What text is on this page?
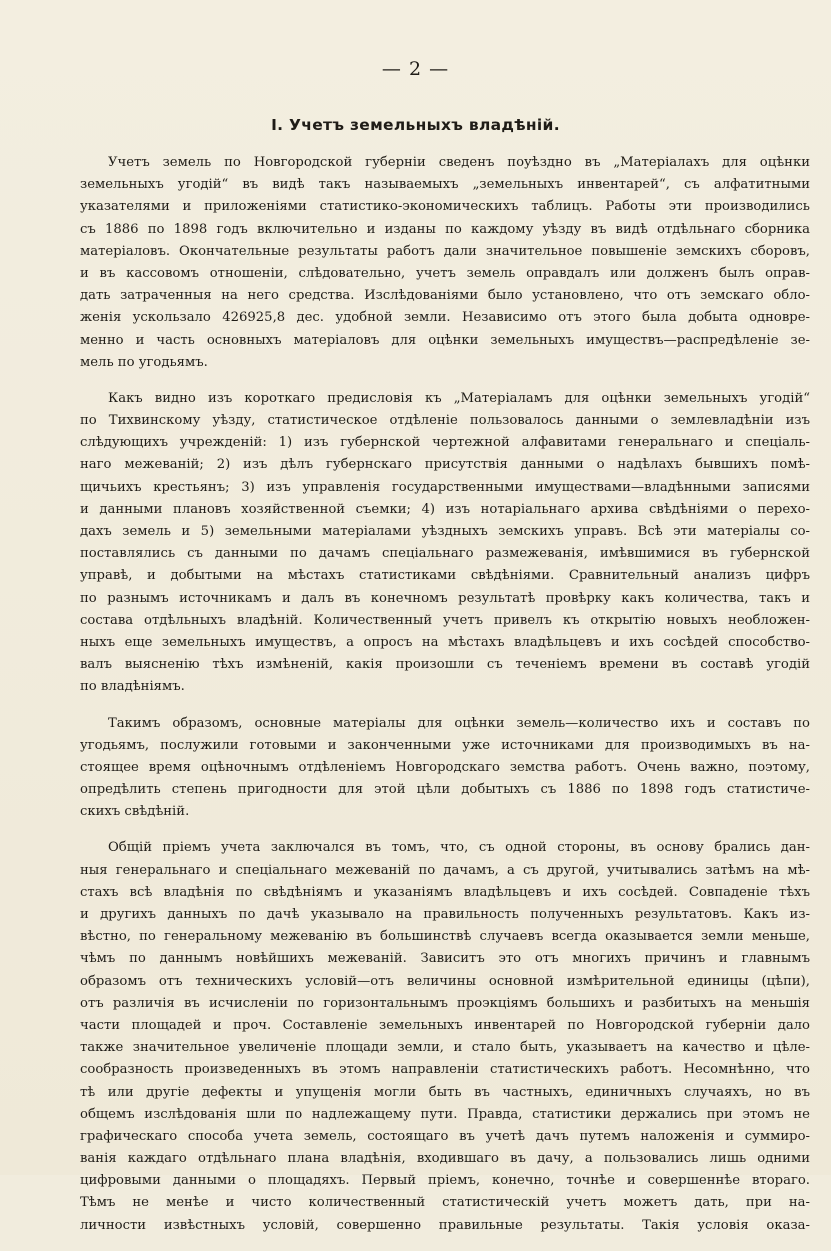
— 2 —
I. Учетъ земельныхъ владѣній.
Учетъ земель по Новгородской губерніи сведенъ поуѣздно въ „Матеріалахъ для оцѣнки
земельныхъ угодій“ въ видѣ такъ называемыхъ „земельныхъ инвентарей“, съ алфатитными
указателями и приложеніями статистико-экономическихъ таблицъ. Работы эти производились
съ 1886 по 1898 годъ включительно и изданы по каждому уѣзду въ видѣ отдѣльнаго сборника
матеріаловъ. Окончательные результаты работъ дали значительное повышеніе земскихъ сборовъ,
и въ кассовомъ отношеніи, слѣдовательно, учетъ земель оправдалъ или долженъ былъ оправ-
дать затраченныя на него средства. Изслѣдованіями было установлено, что отъ земскаго обло-
женія ускользало 426925,8 дес. удобной земли. Независимо отъ этого была добыта одновре-
менно и часть основныхъ матеріаловъ для оцѣнки земельныхъ имуществъ—распредѣленіе зе-
мель по угодьямъ.
Какъ видно изъ короткаго предисловія къ „Матеріаламъ для оцѣнки земельныхъ угодій“
по Тихвинскому уѣзду, статистическое отдѣленіе пользовалось данными о землевладѣніи изъ
слѣдующихъ учрежденій: 1) изъ губернской чертежной алфавитами генеральнаго и спеціаль-
наго межеваній; 2) изъ дѣлъ губернскаго присутствія данными о надѣлахъ бывшихъ помѣ-
щичьихъ крестьянъ; 3) изъ управленія государственными имуществами—владѣнными записями
и данными плановъ хозяйственной съемки; 4) изъ нотаріальнаго архива свѣдѣніями о перехо-
дахъ земель и 5) земельными матеріалами уѣздныхъ земскихъ управъ. Всѣ эти матеріалы со-
поставлялись съ данными по дачамъ спеціальнаго размежеванія, имѣвшимися въ губернской
управѣ, и добытыми на мѣстахъ статистиками свѣдѣніями. Сравнительный анализъ цифръ
по разнымъ источникамъ и далъ въ конечномъ результатѣ провѣрку какъ количества, такъ и
состава отдѣльныхъ владѣній. Количественный учетъ привелъ къ открытію новыхъ необложен-
ныхъ еще земельныхъ имуществъ, а опросъ на мѣстахъ владѣльцевъ и ихъ сосѣдей способство-
валъ выясненію тѣхъ измѣненій, какія произошли съ теченіемъ времени въ составѣ угодій
по владѣніямъ.
Такимъ образомъ, основные матеріалы для оцѣнки земель—количество ихъ и составъ по
угодьямъ, послужили готовыми и законченными уже источниками для производимыхъ въ на-
стоящее время оцѣночнымъ отдѣленіемъ Новгородскаго земства работъ. Очень важно, поэтому,
опредѣлить степень пригодности для этой цѣли добытыхъ съ 1886 по 1898 годъ статистиче-
скихъ свѣдѣній.
Общій пріемъ учета заключался въ томъ, что, съ одной стороны, въ основу брались дан-
ныя генеральнаго и спеціальнаго межеваній по дачамъ, а съ другой, учитывались затѣмъ на мѣ-
стахъ всѣ владѣнія по свѣдѣніямъ и указаніямъ владѣльцевъ и ихъ сосѣдей. Совпаденіе тѣхъ
и другихъ данныхъ по дачѣ указывало на правильность полученныхъ результатовъ. Какъ из-
вѣстно, по генеральному межеванію въ большинствѣ случаевъ всегда оказывается земли меньше,
чѣмъ по даннымъ новѣйшихъ межеваній. Зависитъ это отъ многихъ причинъ и главнымъ
образомъ отъ техническихъ условій—отъ величины основной измѣрительной единицы (цѣпи),
отъ различія въ исчисленіи по горизонтальнымъ проэкціямъ большихъ и разбитыхъ на меньшія
части площадей и проч. Составленіе земельныхъ инвентарей по Новгородской губерніи дало
также значительное увеличеніе площади земли, и стало быть, указываетъ на качество и цѣле-
сообразность произведенныхъ въ этомъ направленіи статистическихъ работъ. Несомнѣнно, что
тѣ или другіе дефекты и упущенія могли быть въ частныхъ, единичныхъ случаяхъ, но въ
общемъ изслѣдованія шли по надлежащему пути. Правда, статистики держались при этомъ не
графическаго способа учета земель, состоящаго въ учетѣ дачъ путемъ наложенія и суммиро-
ванія каждаго отдѣльнаго плана владѣнія, входившаго въ дачу, а пользовались лишь одними
цифровыми данными о площадяхъ. Первый пріемъ, конечно, точнѣе и совершеннѣе втораго.
Тѣмъ не менѣе и чисто количественный статистическій учетъ можетъ дать, при на-
личности извѣстныхъ условій, совершенно правильные результаты. Такія условія оказа-
